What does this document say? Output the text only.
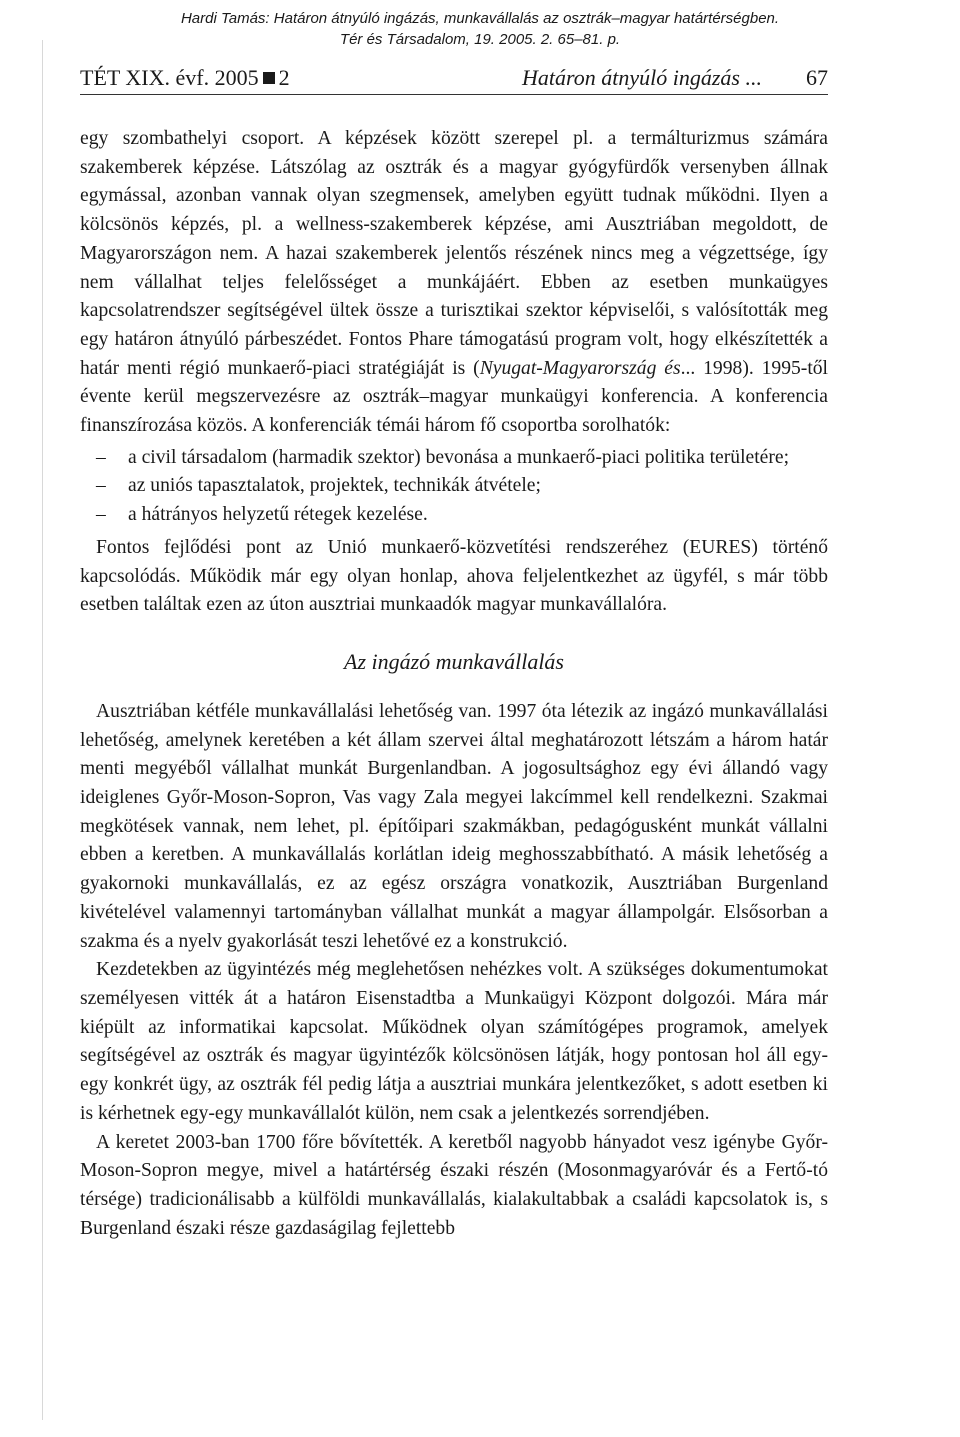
Hardi Tamás: Határon átnyúló ingázás, munkavállalás az osztrák–magyar határtérségben.
Tér és Társadalom, 19. 2005. 2. 65–81. p.
TÉT XIX. évf. 2005 2	Határon átnyúló ingázás ... 67

egy szombathelyi csoport. A képzések között szerepel pl. a termálturizmus számára szakemberek képzése. Látszólag az osztrák és a magyar gyógyfürdők versenyben állnak egymással, azonban vannak olyan szegmensek, amelyben együtt tudnak működni. Ilyen a kölcsönös képzés, pl. a wellness-szakemberek képzése, ami Ausztriában megoldott, de Magyarországon nem. A hazai szakemberek jelentős részének nincs meg a végzettsége, így nem vállalhat teljes felelősséget a munkájáért. Ebben az esetben munkaügyes kapcsolatrendszer segítségével ültek össze a turisztikai szektor képviselői, s valósították meg egy határon átnyúló párbeszédet. Fontos Phare támogatású program volt, hogy elkészítették a határ menti régió munkaerő-piaci stratégiáját is (Nyugat-Magyarország és... 1998). 1995-től évente kerül megszervezésre az osztrák–magyar munkaügyi konferencia. A konferencia finanszírozása közös. A konferenciák témái három fő csoportba sorolhatók:

– a civil társadalom (harmadik szektor) bevonása a munkaerő-piaci politika területére;
– az uniós tapasztalatok, projektek, technikák átvétele;
– a hátrányos helyzetű rétegek kezelése.

Fontos fejlődési pont az Unió munkaerő-közvetítési rendszeréhez (EURES) történő kapcsolódás. Működik már egy olyan honlap, ahova feljelentkezhet az ügyfél, s már több esetben találtak ezen az úton ausztriai munkaadók magyar munkavállalóra.

Az ingázó munkavállalás

Ausztriában kétféle munkavállalási lehetőség van. 1997 óta létezik az ingázó munkavállalási lehetőség, amelynek keretében a két állam szervei által meghatározott létszám a három határ menti megyéből vállalhat munkát Burgenlandban. A jogosultsághoz egy évi állandó vagy ideiglenes Győr-Moson-Sopron, Vas vagy Zala megyei lakcímmel kell rendelkezni. Szakmai megkötések vannak, nem lehet, pl. építőipari szakmákban, pedagógusként munkát vállalni ebben a keretben. A munkavállalás korlátlan ideig meghosszabbítható. A másik lehetőség a gyakornoki munkavállalás, ez az egész országra vonatkozik, Ausztriában Burgenland kivételével valamennyi tartományban vállalhat munkát a magyar állampolgár. Elsősorban a szakma és a nyelv gyakorlását teszi lehetővé ez a konstrukció.

Kezdetekben az ügyintézés még meglehetősen nehézkes volt. A szükséges dokumentumokat személyesen vitték át a határon Eisenstadtba a Munkaügyi Központ dolgozói. Mára már kiépült az informatikai kapcsolat. Működnek olyan számítógépes programok, amelyek segítségével az osztrák és magyar ügyintézők kölcsönösen látják, hogy pontosan hol áll egy-egy konkrét ügy, az osztrák fél pedig látja a ausztriai munkára jelentkezőket, s adott esetben ki is kérhetnek egy-egy munkavállalót külön, nem csak a jelentkezés sorrendjében.

A keretet 2003-ban 1700 főre bővítették. A keretből nagyobb hányadot vesz igénybe Győr-Moson-Sopron megye, mivel a határtérség északi részén (Mosonmagyaróvár és a Fertő-tó térsége) tradicionálisabb a külföldi munkavállalás, kialakultabbak a családi kapcsolatok is, s Burgenland északi része gazdaságilag fejlettebb
